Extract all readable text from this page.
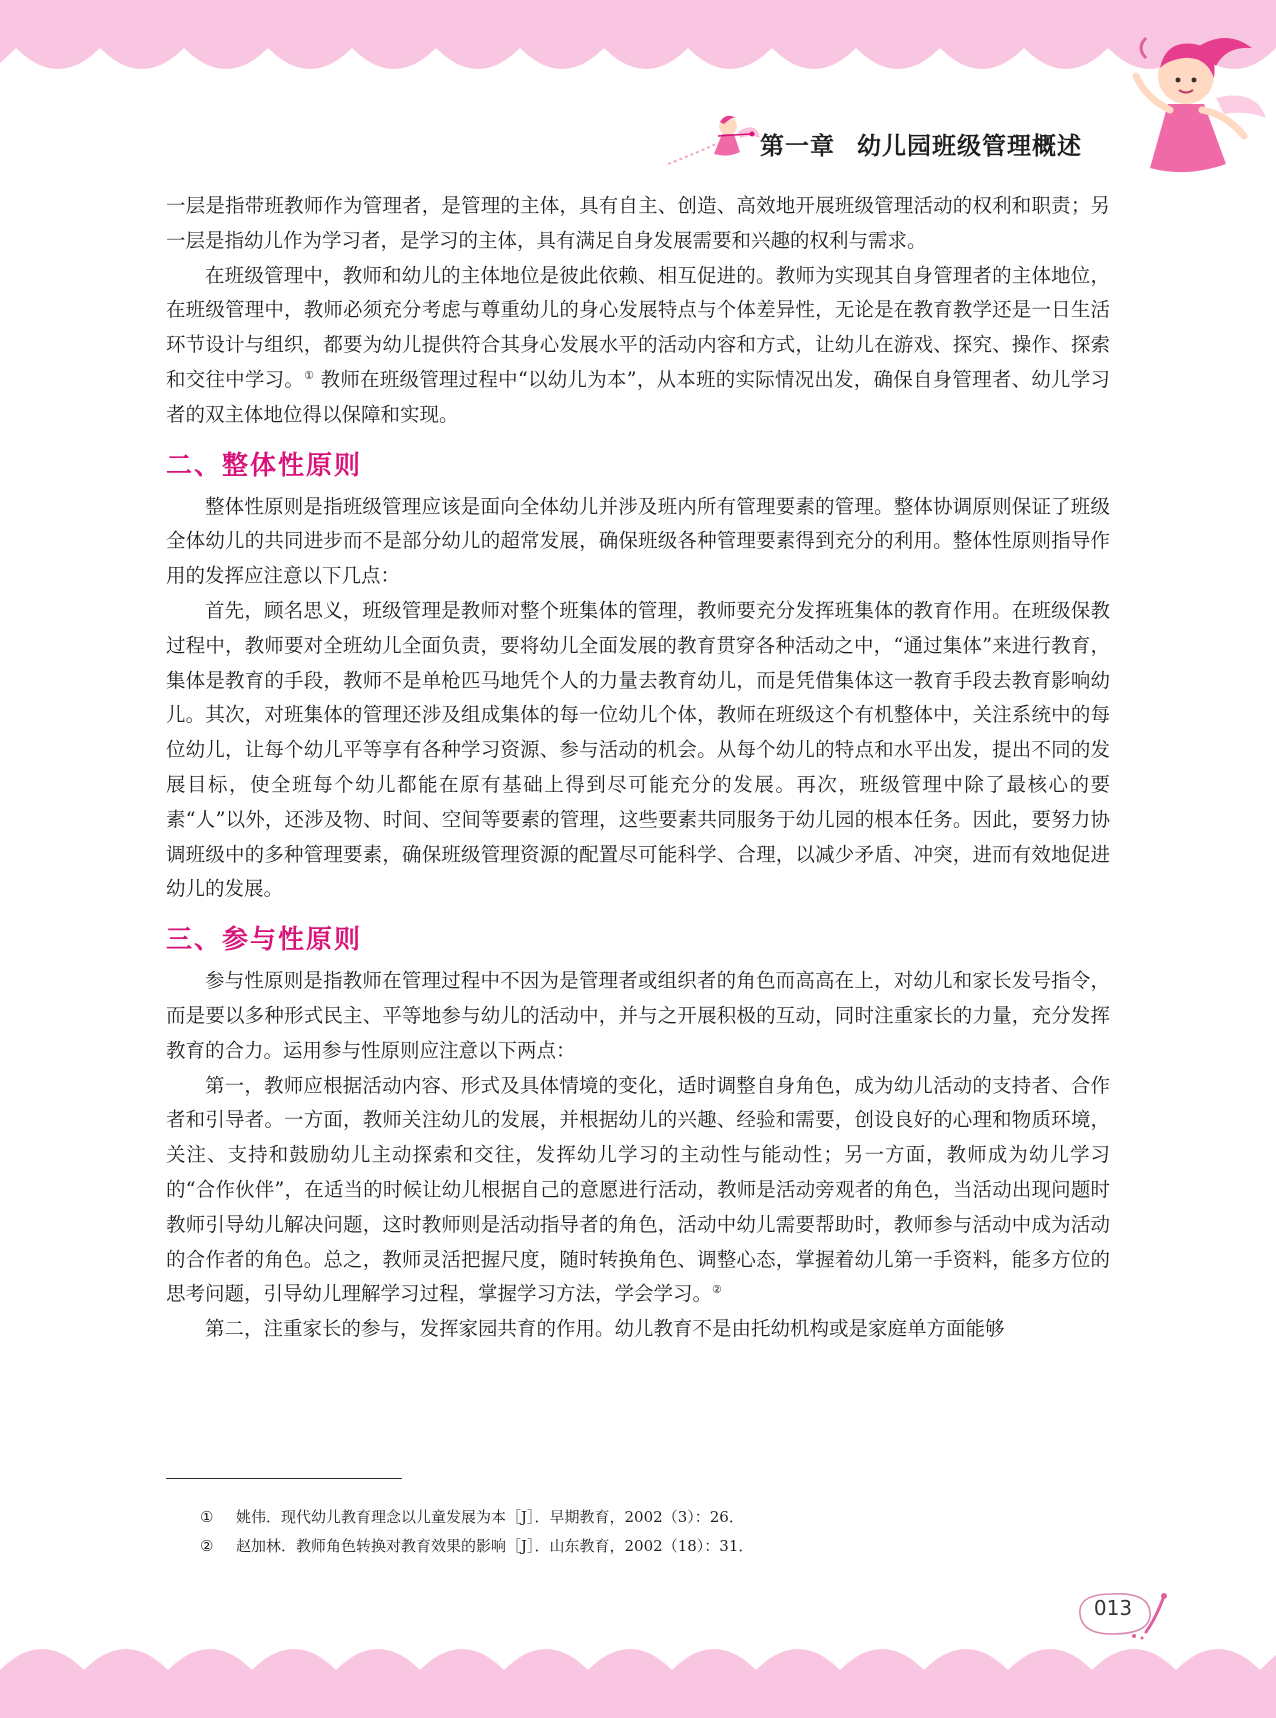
第一章 幼儿园班级管理概述

一层是指带班教师作为管理者，是管理的主体，具有自主、创造、高效地开展班级管理活动的权利和职责；另一层是指幼儿作为学习者，是学习的主体，具有满足自身发展需要和兴趣的权利与需求。

在班级管理中，教师和幼儿的主体地位是彼此依赖、相互促进的。教师为实现其自身管理者的主体地位，在班级管理中，教师必须充分考虑与尊重幼儿的身心发展特点与个体差异性，无论是在教育教学还是一日生活环节设计与组织，都要为幼儿提供符合其身心发展水平的活动内容和方式，让幼儿在游戏、探究、操作、探索和交往中学习。① 教师在班级管理过程中“以幼儿为本”，从本班的实际情况出发，确保自身管理者、幼儿学习者的双主体地位得以保障和实现。

二、整体性原则

整体性原则是指班级管理应该是面向全体幼儿并涉及班内所有管理要素的管理。整体协调原则保证了班级全体幼儿的共同进步而不是部分幼儿的超常发展，确保班级各种管理要素得到充分的利用。整体性原则指导作用的发挥应注意以下几点：

首先，顾名思义，班级管理是教师对整个班集体的管理，教师要充分发挥班集体的教育作用。在班级保教过程中，教师要对全班幼儿全面负责，要将幼儿全面发展的教育贯穿各种活动之中，“通过集体”来进行教育，集体是教育的手段，教师不是单枪匹马地凭个人的力量去教育幼儿，而是凭借集体这一教育手段去教育影响幼儿。其次，对班集体的管理还涉及组成集体的每一位幼儿个体，教师在班级这个有机整体中，关注系统中的每位幼儿，让每个幼儿平等享有各种学习资源、参与活动的机会。从每个幼儿的特点和水平出发，提出不同的发展目标，使全班每个幼儿都能在原有基础上得到尽可能充分的发展。再次，班级管理中除了最核心的要素“人”以外，还涉及物、时间、空间等要素的管理，这些要素共同服务于幼儿园的根本任务。因此，要努力协调班级中的多种管理要素，确保班级管理资源的配置尽可能科学、合理，以减少矛盾、冲突，进而有效地促进幼儿的发展。

三、参与性原则

参与性原则是指教师在管理过程中不因为是管理者或组织者的角色而高高在上，对幼儿和家长发号指令，而是要以多种形式民主、平等地参与幼儿的活动中，并与之开展积极的互动，同时注重家长的力量，充分发挥教育的合力。运用参与性原则应注意以下两点：

第一，教师应根据活动内容、形式及具体情境的变化，适时调整自身角色，成为幼儿活动的支持者、合作者和引导者。一方面，教师关注幼儿的发展，并根据幼儿的兴趣、经验和需要，创设良好的心理和物质环境，关注、支持和鼓励幼儿主动探索和交往，发挥幼儿学习的主动性与能动性；另一方面，教师成为幼儿学习的“合作伙伴”，在适当的时候让幼儿根据自己的意愿进行活动，教师是活动旁观者的角色，当活动出现问题时教师引导幼儿解决问题，这时教师则是活动指导者的角色，活动中幼儿需要帮助时，教师参与活动中成为活动的合作者的角色。总之，教师灵活把握尺度，随时转换角色、调整心态，掌握着幼儿第一手资料，能多方位的思考问题，引导幼儿理解学习过程，掌握学习方法，学会学习。②

第二，注重家长的参与，发挥家园共育的作用。幼儿教育不是由托幼机构或是家庭单方面能够

① 姚伟．现代幼儿教育理念以儿童发展为本［J］．早期教育，2002（3）：26．
② 赵加林．教师角色转换对教育效果的影响［J］．山东教育，2002（18）：31．
013
